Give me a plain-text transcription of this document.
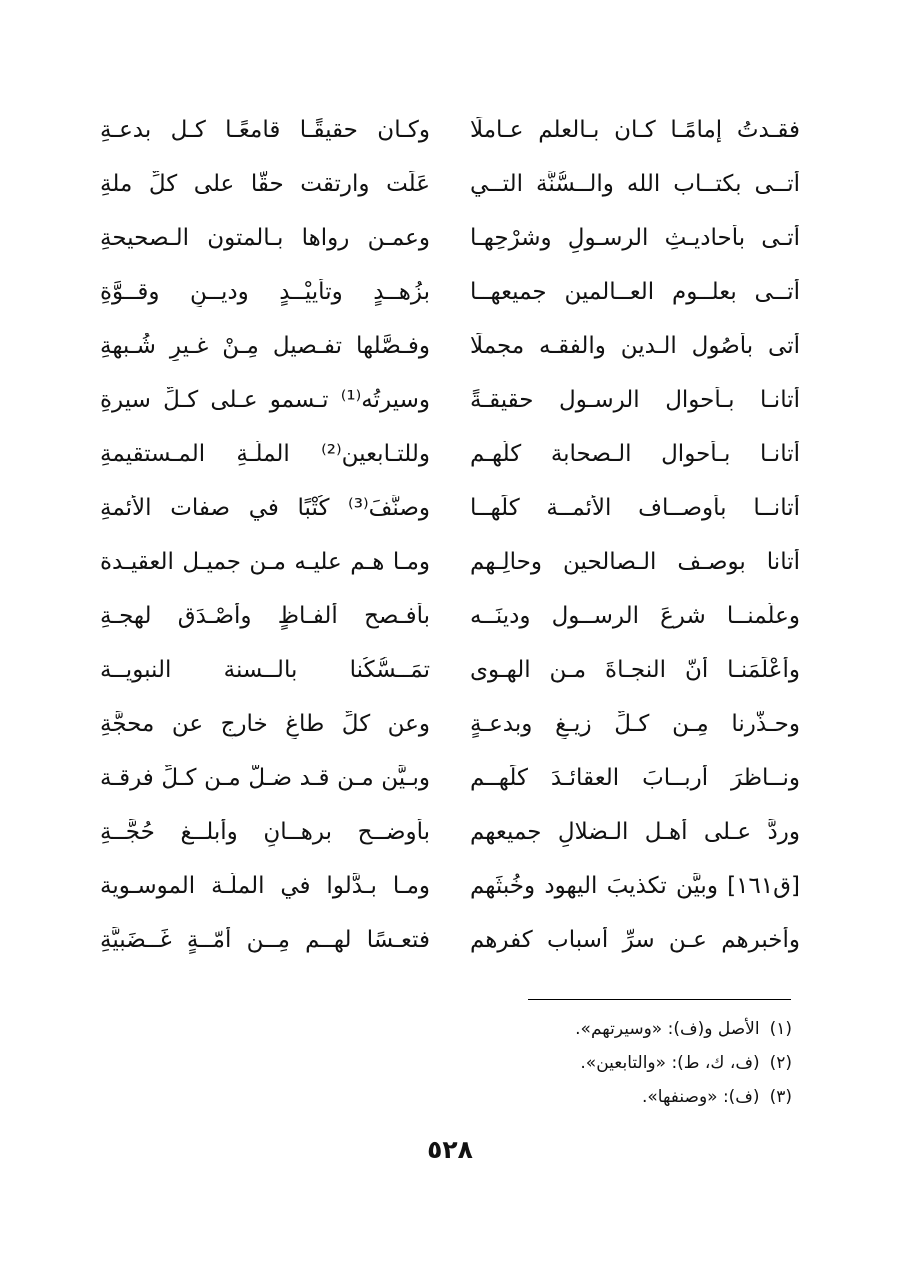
فقـدتُ إمامًـا كـان بـالعلم عـاملًا
وكـان حقيقًـا قامعًـا كـل بدعـةِ
أتــى بكتــاب الله والــسُّنَّة التــي
عَلَت وارتقت حقًّا على كلِّ ملةِ
أتـى بأحاديـثِ الرسـولِ وشرْحِهـا
وعمـن رواها بـالمتون الـصحيحةِ
أتــى بعلــوم العــالمين جميعهــا
بزُهــدٍ وتأييْــدٍ وديــنٍ وقــوَّةِ
أتى بأصُول الـدين والفقـه مجملًا
وفـصَّلها تفـصيل مِـنْ غـيرِ شُـبهةِ
أتانـا بـأحوال الرسـول حقيقـةً
وسيرتُه⁽¹⁾ تـسمو عـلى كـلِّ سيرةِ
أتانـا بـأحوال الـصحابة كلّهـم
وللتـابعين⁽²⁾ الملّـةِ المـستقيمةِ
أتانــا بأوصــاف الأئمــة كلِّهــا
وصنَّفَ⁽³⁾ كُتْبًا في صفات الأئمةِ
أتانا بوصـف الـصالحين وحالِـهم
ومـا هـم عليـه مـن جميـل العقيـدة
وعلَّمنــا شرعَ الرســول ودينَــه
بأفـصح ألفـاظٍ وأصْـدَق لهجـةِ
وأعْلَمَنـا أنّ النجـاةَ مـن الهـوى
تمَــسُّكُنا بالــسنة النبويــة
وحـذَّرنا مِـن كـلِّ زيـغٍ وبدعـةٍ
وعن كلِّ طاغٍ خارجٍ عن محجَّةِ
ونــاظرَ أربــابَ العقائـدَ كلِّهــم
وبـيَّن مـن قـد ضـلَّ مـن كـلِّ فرقـة
وردَّ عـلى أهـل الـضلالِ جميعهم
بأوضــح برهــانٍ وأبلــغ حُجَّــةِ
[ق١٦١] وبيَّن تكذيبَ اليهود وخُبثَهم
ومـا بـدَّلوا في الملّـة الموسـوية
وأخبرهم عـن سرِّ أسباب كفرهم
فتعـسًا لهــم مِــن أمّــةٍ غَــضَبيَّةِ
(١)الأصل و(ف): «وسيرتهم».
(٢)(ف، ك، ط): «والتابعين».
(٣)(ف): «وصنفها».
٥٢٨
